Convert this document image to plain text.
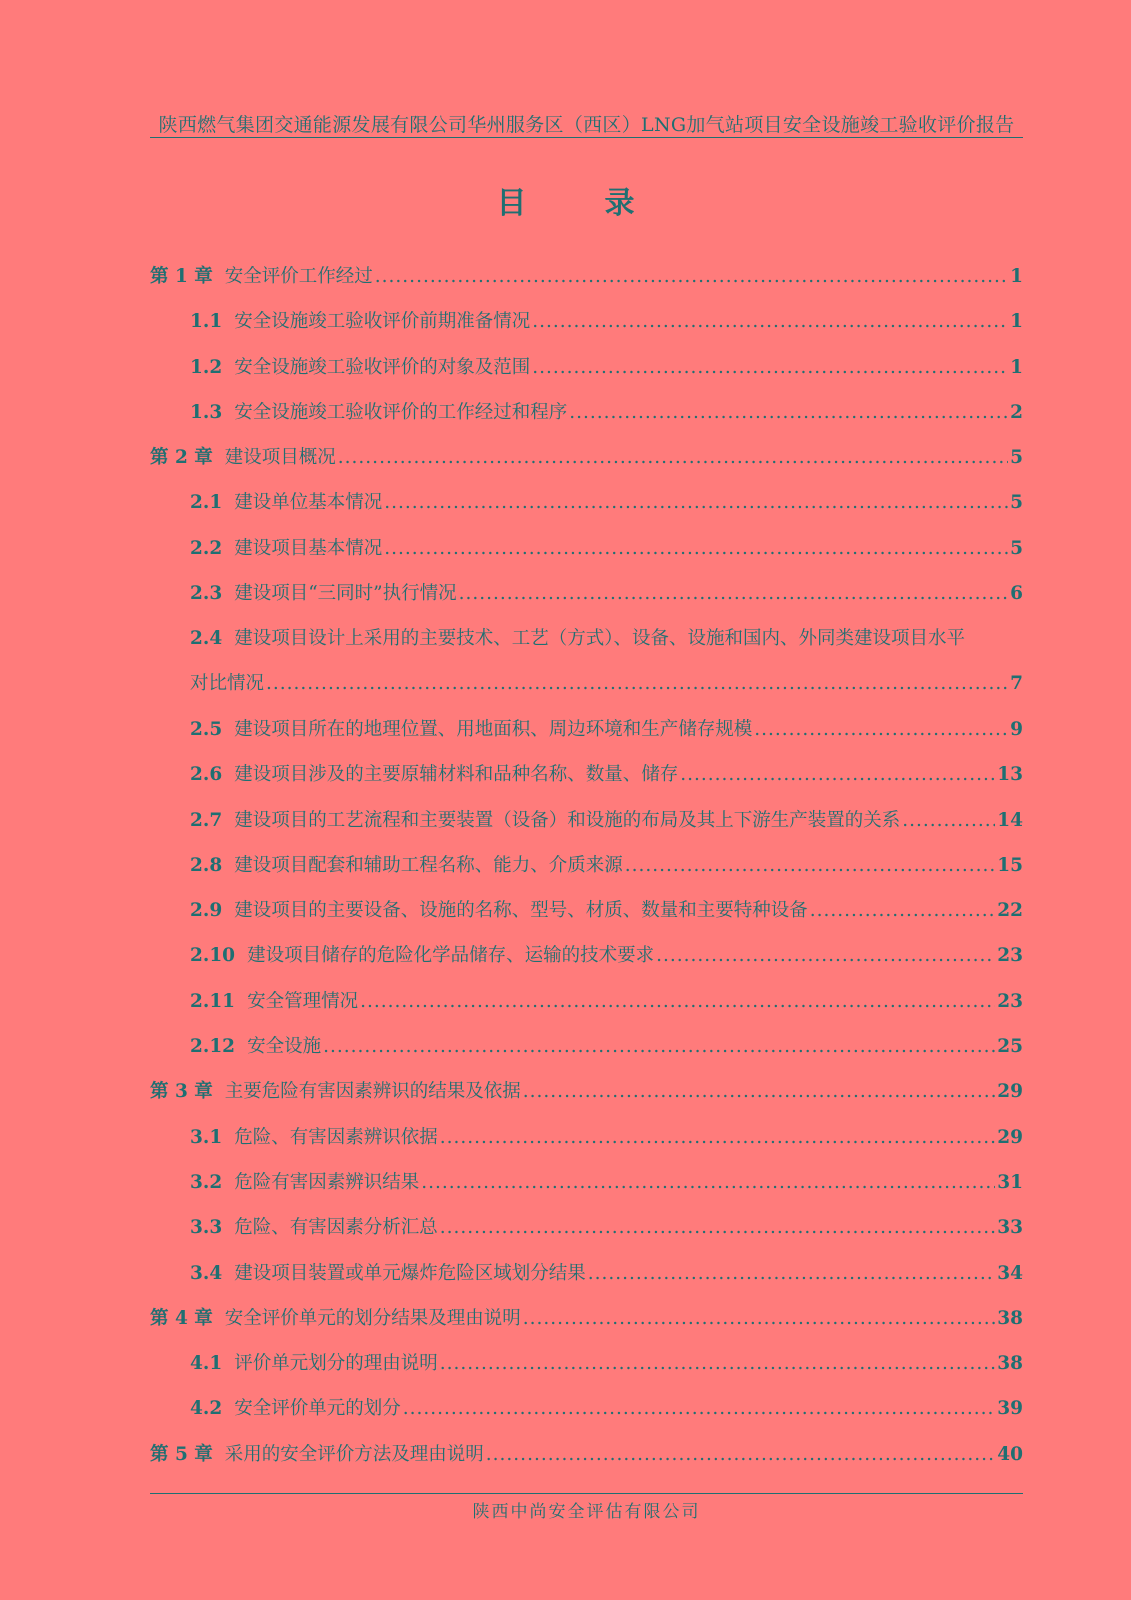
陕西燃气集团交通能源发展有限公司华州服务区（西区）LNG加气站项目安全设施竣工验收评价报告
目　录
第 1 章 安全评价工作经过 .....	1
1.1 安全设施竣工验收评价前期准备情况 .....	1
1.2 安全设施竣工验收评价的对象及范围 .....	1
1.3 安全设施竣工验收评价的工作经过和程序 .....	2
第 2 章 建设项目概况 .....	5
2.1 建设单位基本情况 .....	5
2.2 建设项目基本情况 .....	5
2.3 建设项目“三同时”执行情况 .....	6
2.4 建设项目设计上采用的主要技术、工艺（方式）、设备、设施和国内、外同类建设项目水平
对比情况 .....	7
2.5 建设项目所在的地理位置、用地面积、周边环境和生产储存规模 .....	9
2.6 建设项目涉及的主要原辅材料和品种名称、数量、储存 .....	13
2.7 建设项目的工艺流程和主要装置（设备）和设施的布局及其上下游生产装置的关系 .....	14
2.8 建设项目配套和辅助工程名称、能力、介质来源 .....	15
2.9 建设项目的主要设备、设施的名称、型号、材质、数量和主要特种设备 .....	22
2.10 建设项目储存的危险化学品储存、运输的技术要求 .....	23
2.11 安全管理情况 .....	23
2.12 安全设施 .....	25
第 3 章 主要危险有害因素辨识的结果及依据 .....	29
3.1 危险、有害因素辨识依据 .....	29
3.2 危险有害因素辨识结果 .....	31
3.3 危险、有害因素分析汇总 .....	33
3.4 建设项目装置或单元爆炸危险区域划分结果 .....	34
第 4 章 安全评价单元的划分结果及理由说明 .....	38
4.1 评价单元划分的理由说明 .....	38
4.2 安全评价单元的划分 .....	39
第 5 章 采用的安全评价方法及理由说明 .....	40
陕西中尚安全评估有限公司
